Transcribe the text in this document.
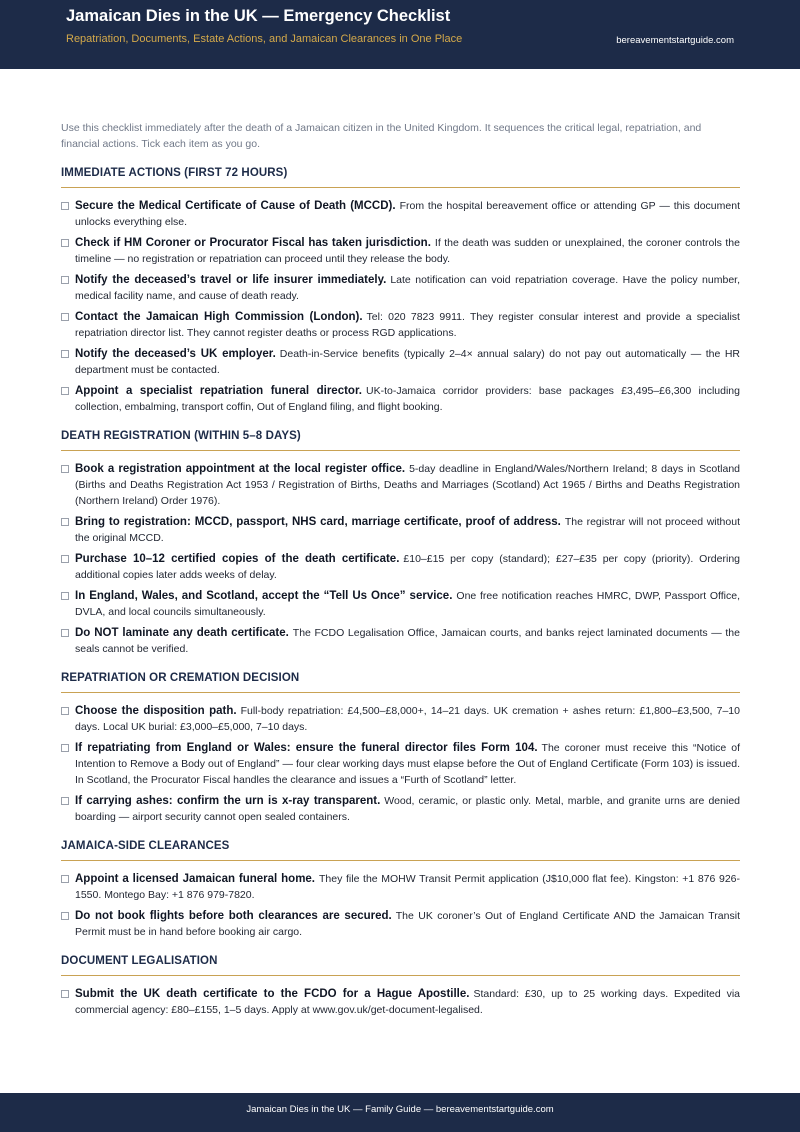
Jamaican Dies in the UK — Emergency Checklist
Repatriation, Documents, Estate Actions, and Jamaican Clearances in One Place	bereavementstartguide.com

Use this checklist immediately after the death of a Jamaican citizen in the United Kingdom. It sequences the critical legal, repatriation, and financial actions. Tick each item as you go.

IMMEDIATE ACTIONS (FIRST 72 HOURS)
Secure the Medical Certificate of Cause of Death (MCCD). From the hospital bereavement office or attending GP — this document unlocks everything else.
Check if HM Coroner or Procurator Fiscal has taken jurisdiction. If the death was sudden or unexplained, the coroner controls the timeline — no registration or repatriation can proceed until they release the body.
Notify the deceased’s travel or life insurer immediately. Late notification can void repatriation coverage. Have the policy number, medical facility name, and cause of death ready.
Contact the Jamaican High Commission (London). Tel: 020 7823 9911. They register consular interest and provide a specialist repatriation director list. They cannot register deaths or process RGD applications.
Notify the deceased’s UK employer. Death-in-Service benefits (typically 2–4× annual salary) do not pay out automatically — the HR department must be contacted.
Appoint a specialist repatriation funeral director. UK-to-Jamaica corridor providers: base packages £3,495–£6,300 including collection, embalming, transport coffin, Out of England filing, and flight booking.
DEATH REGISTRATION (WITHIN 5–8 DAYS)
Book a registration appointment at the local register office. 5-day deadline in England/Wales/Northern Ireland; 8 days in Scotland (Births and Deaths Registration Act 1953 / Registration of Births, Deaths and Marriages (Scotland) Act 1965 / Births and Deaths Registration (Northern Ireland) Order 1976).
Bring to registration: MCCD, passport, NHS card, marriage certificate, proof of address. The registrar will not proceed without the original MCCD.
Purchase 10–12 certified copies of the death certificate. £10–£15 per copy (standard); £27–£35 per copy (priority). Ordering additional copies later adds weeks of delay.
In England, Wales, and Scotland, accept the “Tell Us Once” service. One free notification reaches HMRC, DWP, Passport Office, DVLA, and local councils simultaneously.
Do NOT laminate any death certificate. The FCDO Legalisation Office, Jamaican courts, and banks reject laminated documents — the seals cannot be verified.
REPATRIATION OR CREMATION DECISION
Choose the disposition path. Full-body repatriation: £4,500–£8,000+, 14–21 days. UK cremation + ashes return: £1,800–£3,500, 7–10 days. Local UK burial: £3,000–£5,000, 7–10 days.
If repatriating from England or Wales: ensure the funeral director files Form 104. The coroner must receive this “Notice of Intention to Remove a Body out of England” — four clear working days must elapse before the Out of England Certificate (Form 103) is issued. In Scotland, the Procurator Fiscal handles the clearance and issues a “Furth of Scotland” letter.
If carrying ashes: confirm the urn is x-ray transparent. Wood, ceramic, or plastic only. Metal, marble, and granite urns are denied boarding — airport security cannot open sealed containers.
JAMAICA-SIDE CLEARANCES
Appoint a licensed Jamaican funeral home. They file the MOHW Transit Permit application (J$10,000 flat fee). Kingston: +1 876 926-1550. Montego Bay: +1 876 979-7820.
Do not book flights before both clearances are secured. The UK coroner’s Out of England Certificate AND the Jamaican Transit Permit must be in hand before booking air cargo.
DOCUMENT LEGALISATION
Submit the UK death certificate to the FCDO for a Hague Apostille. Standard: £30, up to 25 working days. Expedited via commercial agency: £80–£155, 1–5 days. Apply at www.gov.uk/get-document-legalised.
Jamaican Dies in the UK — Family Guide — bereavementstartguide.com
